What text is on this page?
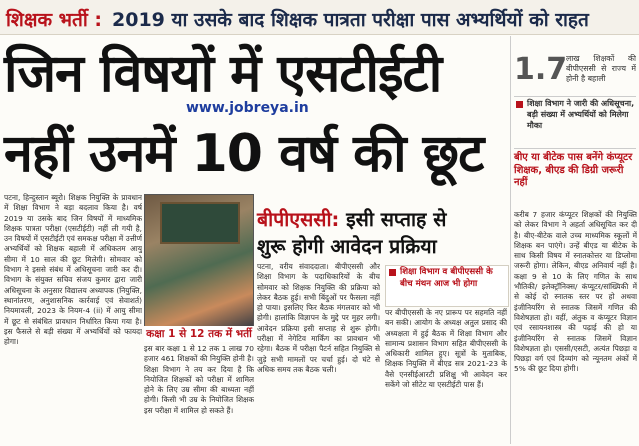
शिक्षक भर्ती : 2019 या उसके बाद शिक्षक पात्रता परीक्षा पास अभ्यर्थियों को राहत
जिन विषयों में एसटीईटी
www.jobreya.in
नहीं उनमें 10 वर्ष की छूट
पटना, हिन्दुस्तान ब्यूरो। शिक्षक नियुक्ति के प्रावधान में शिक्षा विभाग ने बड़ा बदलाव किया है। वर्ष 2019 या उसके बाद जिन विषयों में माध्यमिक शिक्षक पात्रता परीक्षा (एसटीईटी) नहीं ली गयी है, उन विषयों में एसटीईटी एवं समकक्ष परीक्षा में उत्तीर्ण अभ्यर्थियों को शिक्षक बहाली में अधिकतम आयु सीमा में 10 साल की छूट मिलेगी। सोमवार को विभाग ने इससे संबंध में अधिसूचना जारी कर दी। विभाग के संयुक्त सचिव संजय कुमार द्वारा जारी अधिसूचना के अनुसार विद्यालय अध्यापक (नियुक्ति, स्थानांतरण, अनुशासनिक कार्रवाई एवं सेवाशर्त) नियमावली, 2023 के नियम-4 (ii) में आयु सीमा में छूट से संबंधित प्रावधान निर्धारित किया गया है। इस फैसले से बड़ी संख्या में अभ्यर्थियों को फायदा होगा।
कक्षा 1 से 12 तक में भर्ती
इस बार कक्षा 1 से 12 तक 1 लाख 70 हजार 461 शिक्षकों की नियुक्ति होनी है। शिक्षा विभाग ने तय कर दिया है कि नियोजित शिक्षकों को परीक्षा में शामिल होने के लिए उम्र सीमा की बाध्यता नहीं होगी। किसी भी उम्र के नियोजित शिक्षक इस परीक्षा में शामिल हो सकते हैं।
बीपीएससी: इसी सप्ताह से
शुरू होगी आवेदन प्रक्रिया
पटना, वरीय संवाददाता। बीपीएससी और शिक्षा विभाग के पदाधिकारियों के बीच सोमवार को शिक्षक नियुक्ति की प्रक्रिया को लेकर बैठक हुई। सभी बिंदुओं पर फैसला नहीं हो पाया। इसलिए फिर बैठक मंगलवार को भी होगी। हालांकि विज्ञापन के मुद्दे पर मुहर लगी। आवेदन प्रक्रिया इसी सप्ताह से शुरू होगी। परीक्षा में नेगेटिव मार्किंग का प्रावधान भी रहेगा। बैठक में परीक्षा पैटर्न सहित नियुक्ति से जुड़े सभी मामलों पर चर्चा हुई। दो घंटे से अधिक समय तक बैठक चली।
शिक्षा विभाग व बीपीएससी के बीच मंथन आज भी होगा
पर बीपीएससी के नए प्रारूप पर सहमति नहीं बन सकी। आयोग के अध्यक्ष अतुल प्रसाद की अध्यक्षता में हुई बैठक में शिक्षा विभाग और सामान्य प्रशासन विभाग सहित बीपीएससी के अधिकारी शामिल हुए। सूत्रों के मुताबिक, शिक्षक नियुक्ति में बीएड सत्र 2021-23 के वैसे एनसीईआरटी प्रशिक्षु भी आवेदन कर सकेंगे जो सीटेट या एसटीईटी पास हैं।
1.7
लाख शिक्षकों की बीपीएससी से राज्य में होनी है बहाली
शिक्षा विभाग ने जारी की अधिसूचना, बड़ी संख्या में अभ्यर्थियों को मिलेगा मौका
बीए या बीटेक पास बनेंगे कंप्यूटर शिक्षक, बीएड की डिग्री जरूरी नहीं
करीब 7 हजार कंप्यूटर शिक्षकों की नियुक्ति को लेकर विभाग ने अहर्ता अधिसूचित कर दी है। बीए-बीटेक वाले उच्च माध्यमिक स्कूलों में शिक्षक बन पाएंगे। उन्हें बीएड या बीटेक के साथ किसी विषय में स्नातकोत्तर या डिप्लोमा जरूरी होगा। लेकिन, बीएड अनिवार्य नहीं है। कक्षा 9 से 10 के लिए गणित के साथ भौतिकी/ इलेक्ट्रॉनिक्स/ कंप्यूटर/सांख्यिकी में से कोई दो स्नातक स्तर पर हो अथवा इंजीनियरिंग से स्नातक जिसमें गणित की विशेषज्ञता हो। वहीं, अंतुक व कंप्यूटर विज्ञान एवं रसायनशास्त्र की पढ़ाई की हो या इंजीनियरिंग से स्नातक जिसमें विज्ञान विशेषज्ञता हो। एससी/एसटी, अत्यंत पिछड़ा व पिछड़ा वर्ग एवं दिव्यांग को न्यूनतम अंकों में 5% की छूट दिया होगी।
